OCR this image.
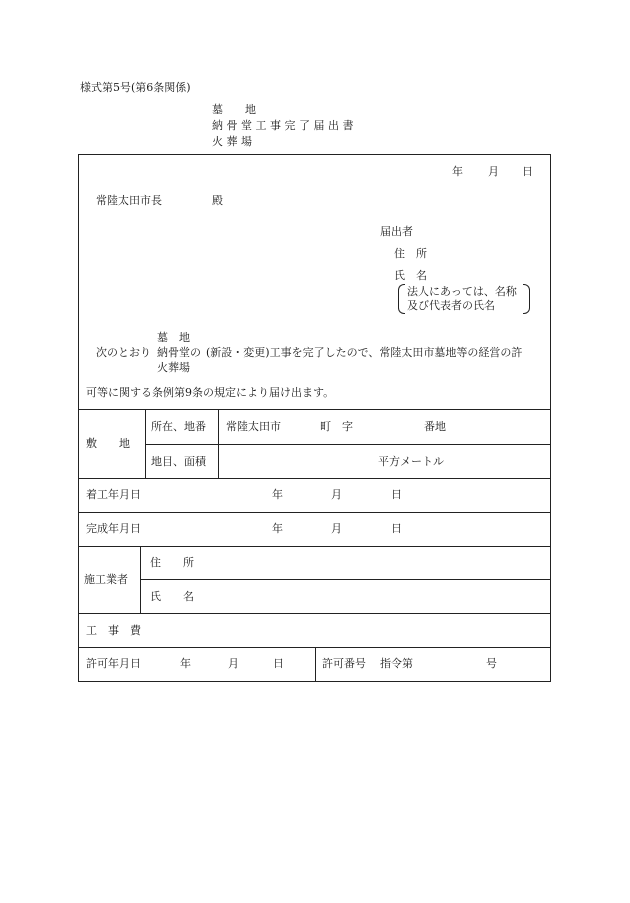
様式第5号(第6条関係)
墓　　地
納 骨 堂 工 事 完 了 届 出 書
火 葬 場
年 月 日
常陸太田市長	殿
届出者
住　所
氏　名
法人にあっては、名称
及び代表者の氏名
墓　地
次のとおり 納骨堂の (新設・変更)工事を完了したので、常陸太田市墓地等の経営の許
火葬場
可等に関する条例第9条の規定により届け出ます。
敷　　地
所在、地番 常陸太田市	町　字	番地
地目、面積	平方メートル
着工年月日	年	月	日
完成年月日	年	月	日
施工業者
住　　所
氏　　名
工　事　費
許可年月日	年	月	日	許可番号 指令第	号
